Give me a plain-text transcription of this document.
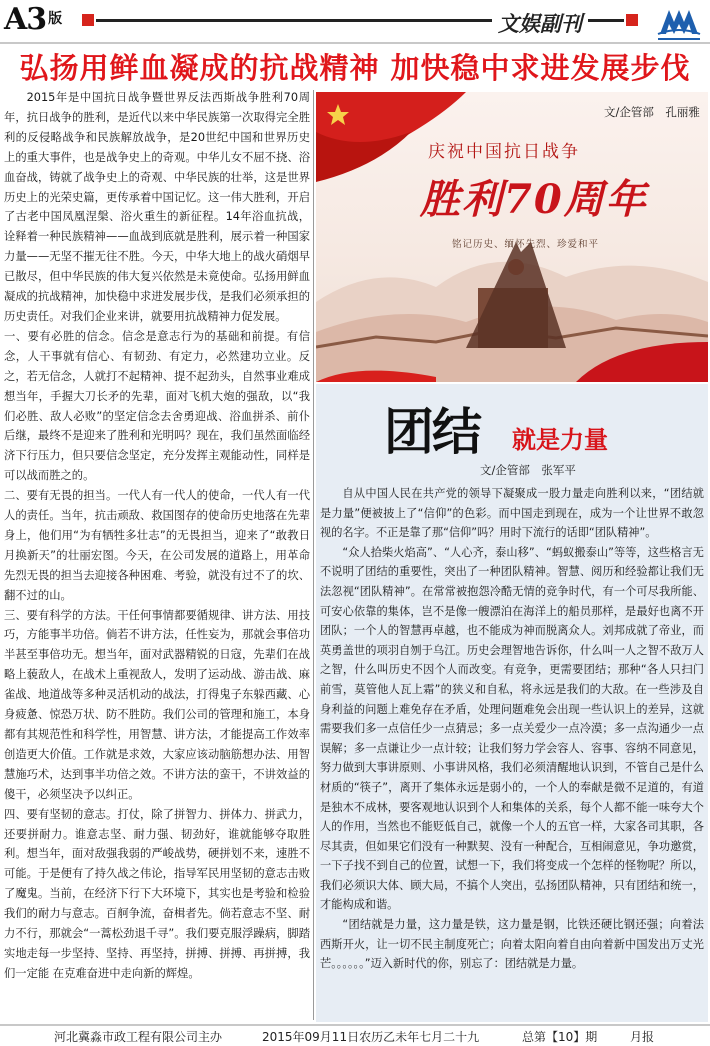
A3 $^版$	文娱副刊
弘扬用鲜血凝成的抗战精神 加快稳中求进发展步伐

2015年是中国抗日战争暨世界反法西斯战争胜利70周年，抗日战争的胜利，是近代以来中华民族第一次取得完全胜利的反侵略战争和民族解放战争，是20世纪中国和世界历史上的重大事件，也是战争史上的奇观。中华儿女不屈不挠、浴血奋战，铸就了战争史上的奇观、中华民族的壮举，这是世界历史上的光荣史篇，更传承着中国记忆。这一伟大胜利，开启了古老中国凤凰涅槃、浴火重生的新征程。14年浴血抗战，诠释着一种民族精神——血战到底就是胜利，展示着一种国家力量——无坚不摧无往不胜。今天，中华大地上的战火硝烟早已散尽，但中华民族的伟大复兴依然是未竟使命。弘扬用鲜血凝成的抗战精神，加快稳中求进发展步伐，是我们必须承担的历史责任。对我们企业来讲，就要用抗战精神力促发展。

一、要有必胜的信念。信念是意志行为的基础和前提。有信念，人干事就有信心、有韧劲、有定力，必然建功立业。反之，若无信念，人就打不起精神、提不起劲头，自然事业难成想当年，手握大刀长矛的先辈，面对飞机大炮的强敌，以“我们必胜、敌人必败”的坚定信念去舍勇迎战、浴血拼杀、前仆后继，最终不是迎来了胜利和光明吗？现在，我们虽然面临经济下行压力，但只要信念坚定，充分发挥主观能动性，同样是可以战而胜之的。

二、要有无畏的担当。一代人有一代人的使命，一代人有一代人的责任。当年，抗击顽敌、救国图存的使命历史地落在先辈身上，他们用“为有牺牲多壮志”的无畏担当，迎来了“敢教日月换新天”的壮丽宏图。今天，在公司发展的道路上，用革命先烈无畏的担当去迎接各种困难、考验，就没有过不了的坎、翻不过的山。

三、要有科学的方法。干任何事情都要循规律、讲方法、用技巧，方能事半功倍。倘若不讲方法，任性妄为，那就会事倍功半甚至事倍功无。想当年，面对武器精锐的日寇，先辈们在战略上藐敌人，在战术上重视敌人，发明了运动战、游击战、麻雀战、地道战等多种灵活机动的战法，打得鬼子东躲西藏、心身疲惫、惊恐万状、防不胜防。我们公司的管理和施工，本身都有其规范性和科学性，用智慧、讲方法，才能提高工作效率创造更大价值。工作就是求效，大家应该动脑筋想办法、用智慧施巧术，达到事半功倍之效。不讲方法的蛮干，不讲效益的傻干，必须坚决予以纠正。

四、要有坚韧的意志。打仗，除了拼智力、拼体力、拼武力，还要拼耐力。谁意志坚、耐力强、韧劲好，谁就能够夺取胜利。想当年，面对敌强我弱的严峻战势，硬拼划不来，速胜不可能。于是便有了持久战之伟论，指导军民用坚韧的意志击败了魔鬼。当前，在经济下行下大环境下，其实也是考验和检验我们的耐力与意志。百舸争流，奋楫者先。倘若意志不坚、耐力不行，那就会“一蒿松劲退千寻”。我们要克服浮躁病，脚踏实地走每一步坚持、坚持、再坚持，拼搏、拼搏、再拼搏，我们一定能 在克难奋进中走向新的辉煌。

文/企管部　孔丽雅
庆祝中国抗日战争
胜利70周年
铭记历史、缅怀先烈、珍爱和平
团结 就是力量
文/企管部　张军平

自从中国人民在共产党的领导下凝聚成一股力量走向胜利以来，“团结就是力量”便被披上了“信仰”的色彩。而中国走到现在，成为一个让世界不敢忽视的名字。不正是靠了那“信仰”吗？用时下流行的话即“团队精神”。

“众人拾柴火焰高”、“人心齐，泰山移”、“蚂蚁搬泰山”等等，这些格言无不说明了团结的重要性，突出了一种团队精神。智慧、阅历和经验都让我们无法忽视“团队精神”。在常常被抱怨冷酷无情的竞争时代，有一个可尽我所能、可安心依靠的集体，岂不是像一艘漂泊在海洋上的船员那样，是最好也离不开团队；一个人的智慧再卓越，也不能成为神而脱离众人。刘邦成就了帝业，而英勇盖世的项羽自刎于乌江。历史会理智地告诉你，什么叫一人之智不敌万人之智，什么叫历史不因个人而改变。有竞争，更需要团结；那种“各人只扫门前雪，莫管他人瓦上霜”的狭义和自私，将永远是我们的大敌。在一些涉及自身利益的问题上难免存在矛盾，处理问题难免会出现一些认识上的差异，这就需要我们多一点信任少一点猜忌；多一点关爱少一点冷漠；多一点沟通少一点误解；多一点谦让少一点计较；让我们努力学会容人、容事、容纳不同意见，努力做到大事讲原则、小事讲风格，我们必须清醒地认识到，不管自己是什么材质的“筷子”，离开了集体永远是弱小的，一个人的奉献是微不足道的，有道是独木不成林，要客观地认识到个人和集体的关系，每个人都不能一味夸大个人的作用，当然也不能贬低自己，就像一个人的五官一样，大家各司其职，各尽其责，但如果它们没有一种默契、没有一种配合，互相闹意见，争功邀赏，一下子找不到自己的位置，试想一下，我们将变成一个怎样的怪物呢？所以，我们必须识大体、顾大局，不搞个人突出，弘扬团队精神，只有团结和统一，才能构成和谐。

“团结就是力量，这力量是铁，这力量是钢，比铁还硬比钢还强；向着法西斯开火，让一切不民主制度死亡；向着太阳向着自由向着新中国发出万丈光芒。。。。。。”迈入新时代的你，别忘了：团结就是力量。

河北冀淼市政工程有限公司主办	2015年09月11日农历乙未年七月二十九	总第【10】期	月报
